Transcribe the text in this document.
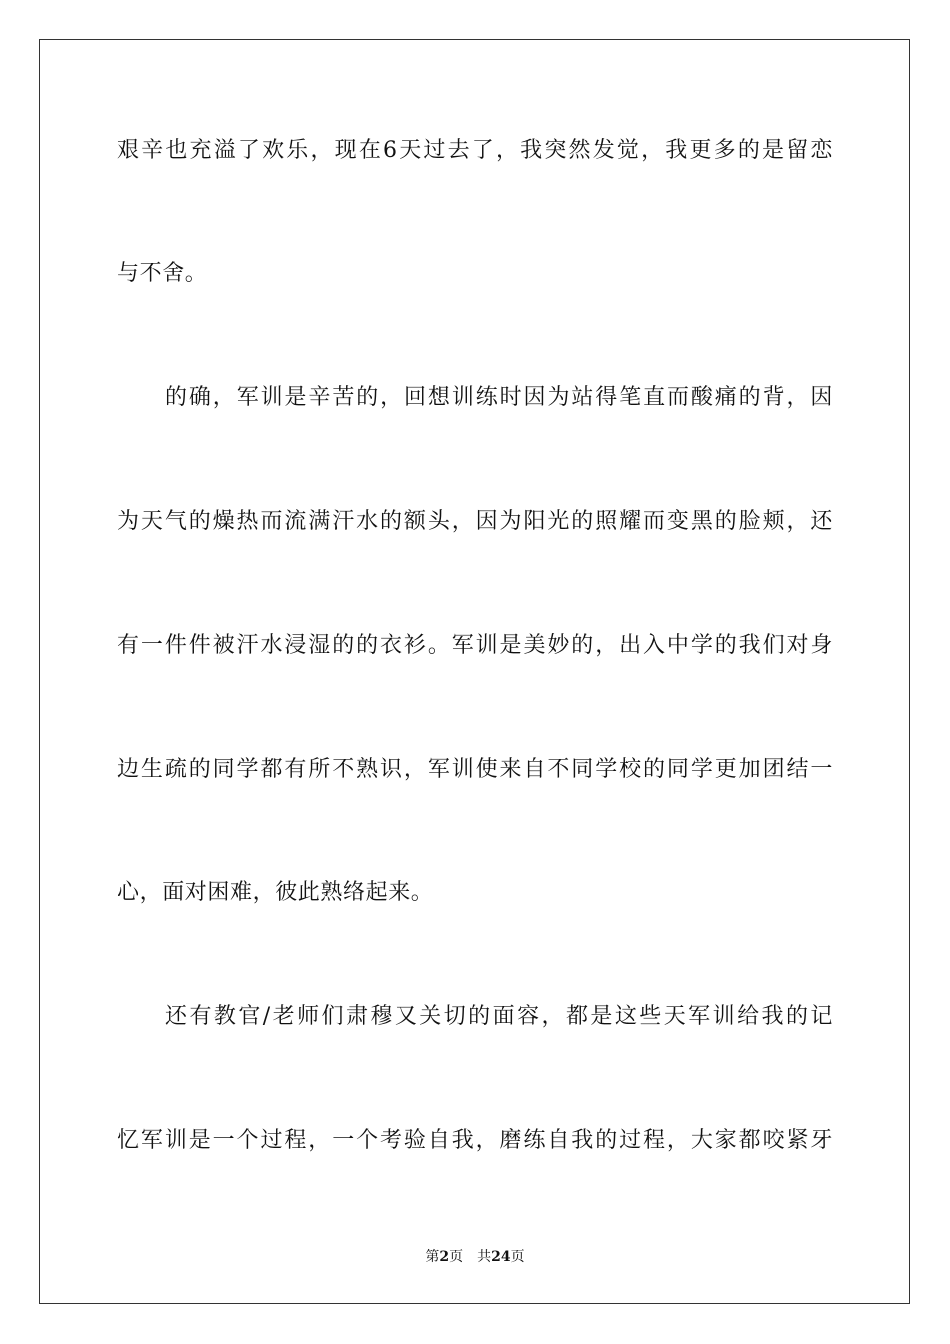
艰辛也充溢了欢乐，现在6天过去了，我突然发觉，我更多的是留恋
与不舍。
的确，军训是辛苦的，回想训练时因为站得笔直而酸痛的背，因
为天气的燥热而流满汗水的额头，因为阳光的照耀而变黑的脸颊，还
有一件件被汗水浸湿的的衣衫。军训是美妙的，出入中学的我们对身
边生疏的同学都有所不熟识，军训使来自不同学校的同学更加团结一
心，面对困难，彼此熟络起来。
还有教官/老师们肃穆又关切的面容，都是这些天军训给我的记
忆军训是一个过程，一个考验自我，磨练自我的过程，大家都咬紧牙
第2页 共24页
